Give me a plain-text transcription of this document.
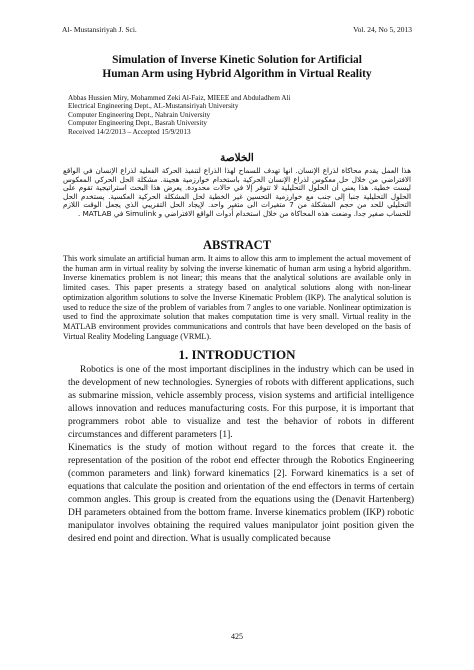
Al- Mustansiriyah J. Sci.	Vol. 24, No 5, 2013
Simulation of Inverse Kinetic Solution for Artificial
Human Arm using Hybrid Algorithm in Virtual Reality
Abbas Hussien Miry, Mohammed Zeki Al-Faiz, MIEEE and Abduladhem Ali
Electrical Engineering Dept., AL-Mustansiriyah University
Computer Engineering Dept., Nahrain University
Computer Engineering Dept., Basrah University
Received 14/2/2013 – Accepted 15/9/2013
الخلاصة
هذا العمل يقدم محاكاة لذراع الإنسان. انها تهدف للسماح لهذا الذراع لتنفيذ الحركة الفعلية لذراع الإنسان في الواقع الافتراضي من خلال حل معكوس لذراع الإنسان الحركية باستخدام خوارزمية هجينة. مشكلة الحل الحركي المعكوس ليست خطية. هذا يعني أن الحلول التحليلية لا تتوفر إلا في حالات محدودة. يعرض هذا البحث استراتيجية تقوم على الحلول التحليلية جنبا إلى جنب مع خوارزمية التحسين غير الخطية لحل المشكلة الحركية العكسية. يستخدم الحل التحليلي للحد من حجم المشكلة من 7 متغيرات الى متغير واحد. لإيجاد الحل التقريبي الذي يجعل الوقت اللازم للحساب صغير جدا. وضعت هذه المحاكاة من خلال استخدام أدوات الواقع الافتراضي و Simulink في MATLAB .
ABSTRACT
This work simulate an artificial human arm. It aims to allow this arm to implement the actual movement of the human arm in virtual reality by solving the inverse kinematic of human arm using a hybrid algorithm. Inverse kinematics problem is not linear; this means that the analytical solutions are available only in limited cases. This paper presents a strategy based on analytical solutions along with non-linear optimization algorithm solutions to solve the Inverse Kinematic Problem (IKP). The analytical solution is used to reduce the size of the problem of variables from 7 angles to one variable. Nonlinear optimization is used to find the approximate solution that makes computation time is very small. Virtual reality in the MATLAB environment provides communications and controls that have been developed on the basis of Virtual Reality Modeling Language (VRML).
1. INTRODUCTION

Robotics is one of the most important disciplines in the industry which can be used in the development of new technologies. Synergies of robots with different applications, such as submarine mission, vehicle assembly process, vision systems and artificial intelligence allows innovation and reduces manufacturing costs. For this purpose, it is important that programmers robot able to visualize and test the behavior of robots in different circumstances and different parameters [1].

Kinematics is the study of motion without regard to the forces that create it. the representation of the position of the robot end effecter through the Robotics Engineering (common parameters and link) forward kinematics [2]. Forward kinematics is a set of equations that calculate the position and orientation of the end effectors in terms of certain common angles. This group is created from the equations using the (Denavit Hartenberg) DH parameters obtained from the bottom frame. Inverse kinematics problem (IKP) robotic manipulator involves obtaining the required values manipulator joint position given the desired end point and direction. What is usually complicated because

425
